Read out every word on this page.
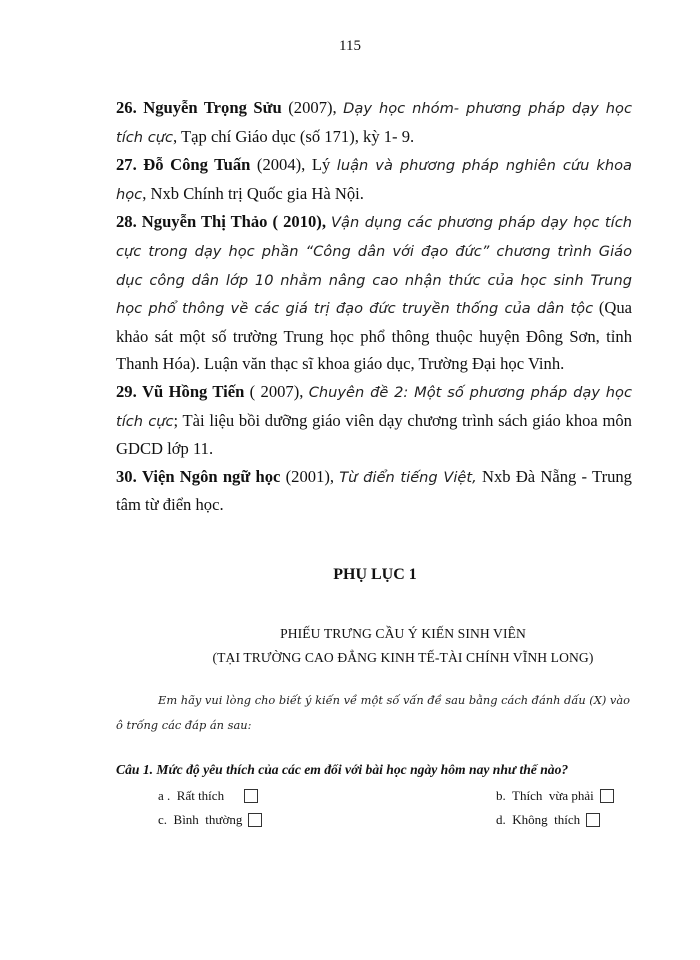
115

26. Nguyễn Trọng Sửu (2007), Dạy học nhóm- phương pháp dạy học tích cực, Tạp chí Giáo dục (số 171), kỳ 1- 9.

27. Đỗ Công Tuấn (2004), Lý luận và phương pháp nghiên cứu khoa học, Nxb Chính trị Quốc gia Hà Nội.

28. Nguyễn Thị Thảo ( 2010), Vận dụng các phương pháp dạy học tích cực trong dạy học phần “Công dân với đạo đức” chương trình Giáo dục công dân lớp 10 nhằm nâng cao nhận thức của học sinh Trung học phổ thông về các giá trị đạo đức truyền thống của dân tộc (Qua khảo sát một số trường Trung học phổ thông thuộc huyện Đông Sơn, tỉnh Thanh Hóa). Luận văn thạc sĩ khoa giáo dục, Trường Đại học Vinh.

29. Vũ Hồng Tiến ( 2007), Chuyên đề 2: Một số phương pháp dạy học tích cực; Tài liệu bồi dưỡng giáo viên dạy chương trình sách giáo khoa môn GDCD lớp 11.

30. Viện Ngôn ngữ học (2001), Từ điển tiếng Việt, Nxb Đà Nẵng - Trung tâm từ điển học.

PHỤ LỤC 1
PHIẾU TRƯNG CẦU Ý KIẾN SINH VIÊN
(TẠI TRƯỜNG CAO ĐẲNG KINH TẾ-TÀI CHÍNH VĨNH LONG)
Em hãy vui lòng cho biết ý kiến về một số vấn đề sau bằng cách đánh dấu (X) vào ô trống các đáp án sau:
Câu 1. Mức độ yêu thích của các em đối với bài học ngày hôm nay như thế nào?
a .  Rất thích	b.  Thích  vừa phải
c.  Bình  thường	d.  Không  thích
